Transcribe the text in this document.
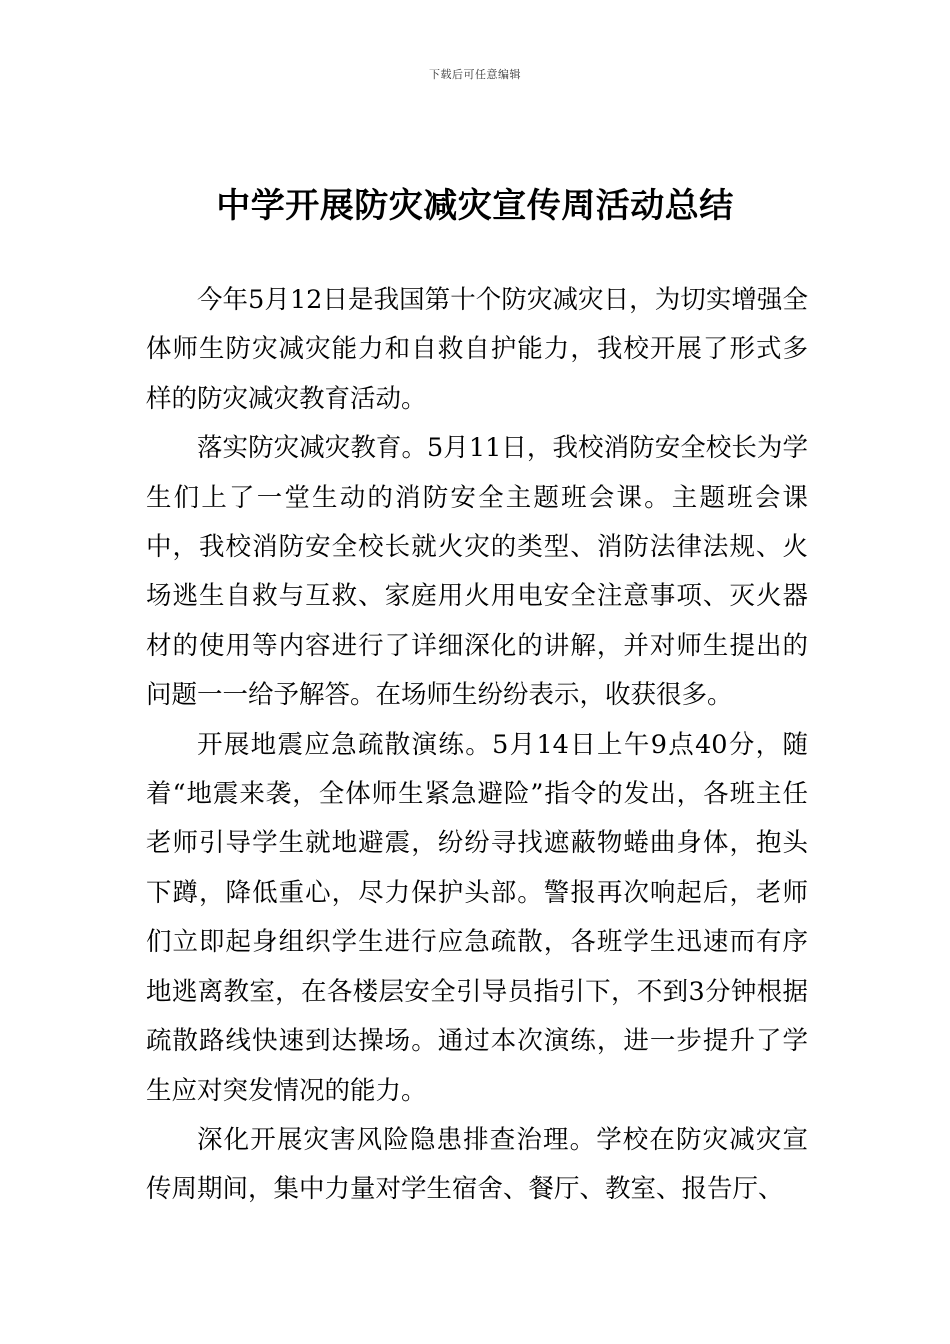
下载后可任意编辑
中学开展防灾减灾宣传周活动总结

今年5月12日是我国第十个防灾减灾日，为切实增强全体师生防灾减灾能力和自救自护能力，我校开展了形式多样的防灾减灾教育活动。

落实防灾减灾教育。5月11日，我校消防安全校长为学生们上了一堂生动的消防安全主题班会课。主题班会课中，我校消防安全校长就火灾的类型、消防法律法规、火场逃生自救与互救、家庭用火用电安全注意事项、灭火器材的使用等内容进行了详细深化的讲解，并对师生提出的问题一一给予解答。在场师生纷纷表示，收获很多。

开展地震应急疏散演练。5月14日上午9点40分，随着“地震来袭，全体师生紧急避险”指令的发出，各班主任老师引导学生就地避震，纷纷寻找遮蔽物蜷曲身体，抱头下蹲，降低重心，尽力保护头部。警报再次响起后，老师们立即起身组织学生进行应急疏散，各班学生迅速而有序地逃离教室，在各楼层安全引导员指引下，不到3分钟根据疏散路线快速到达操场。通过本次演练，进一步提升了学生应对突发情况的能力。

深化开展灾害风险隐患排查治理。学校在防灾减灾宣传周期间，集中力量对学生宿舍、餐厅、教室、报告厅、
